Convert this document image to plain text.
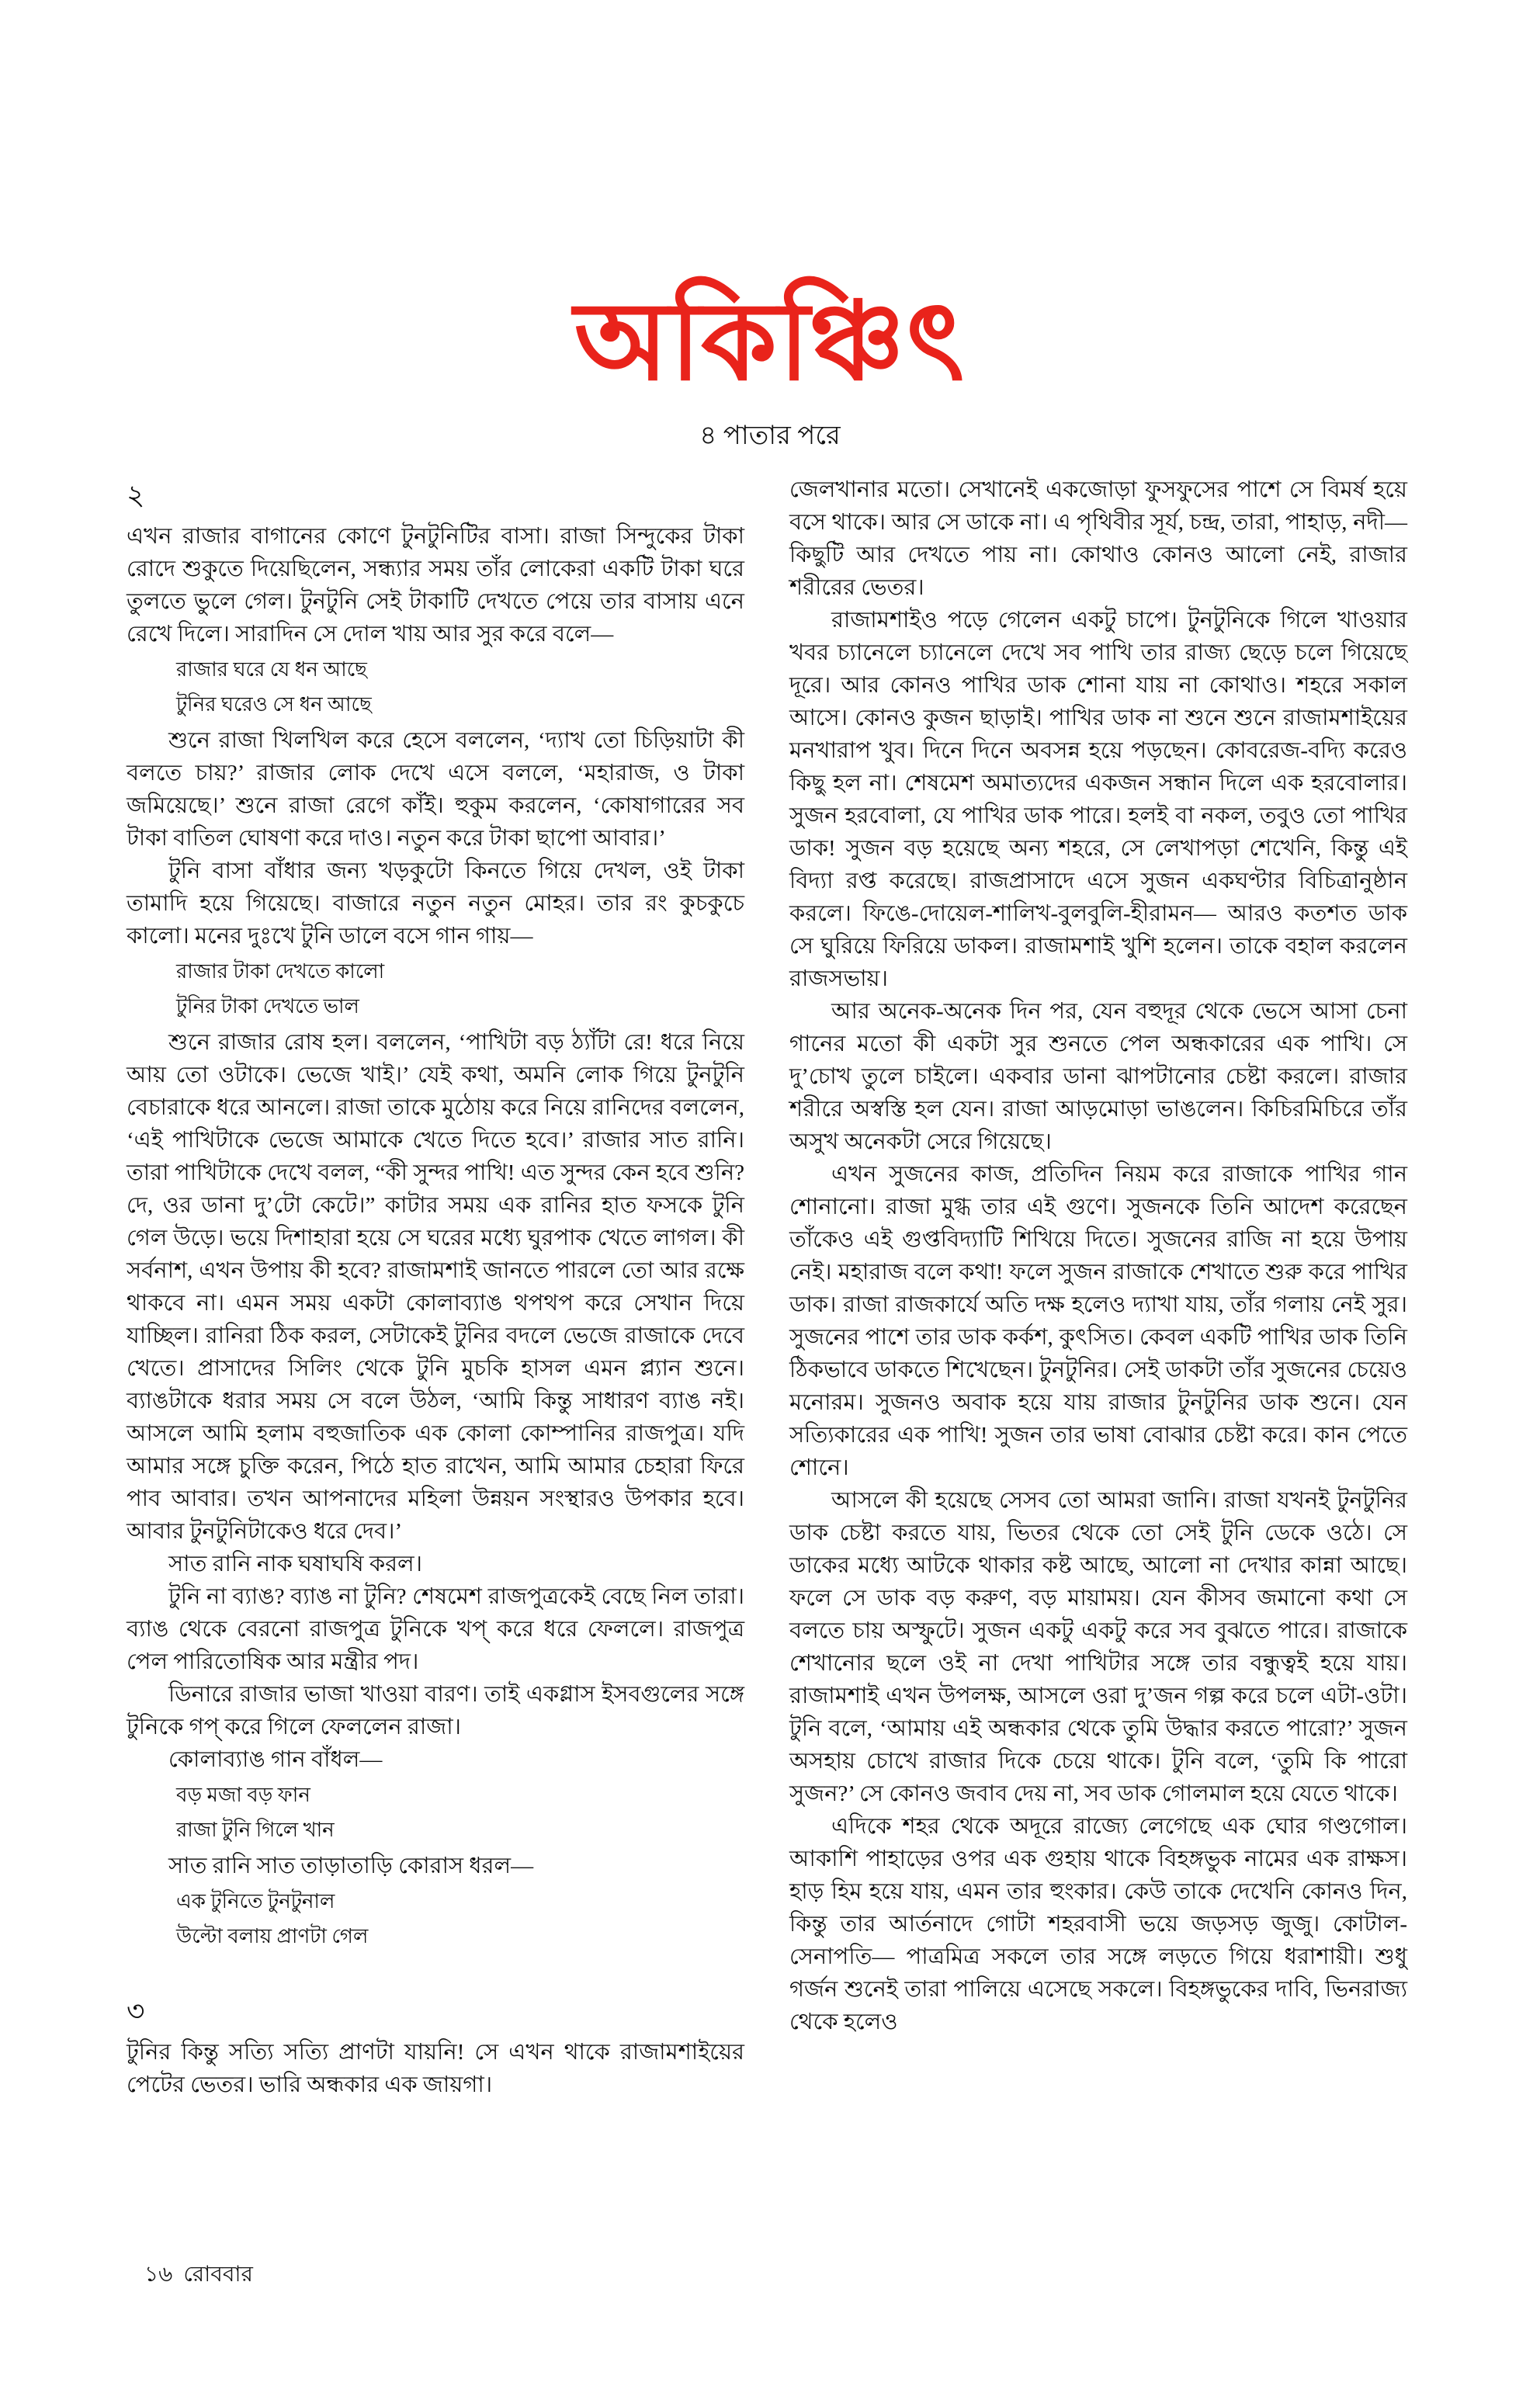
অকিঞ্চিৎ

৪ পাতার পরে

২

এখন রাজার বাগানের কোণে টুনটুনিটির বাসা। রাজা সিন্দুকের টাকা রোদে শুকুতে দিয়েছিলেন, সন্ধ্যার সময় তাঁর লোকেরা একটি টাকা ঘরে তুলতে ভুলে গেল। টুনটুনি সেই টাকাটি দেখতে পেয়ে তার বাসায় এনে রেখে দিলে। সারাদিন সে দোল খায় আর সুর করে বলে—

রাজার ঘরে যে ধন আছে

টুনির ঘরেও সে ধন আছে

শুনে রাজা খিলখিল করে হেসে বললেন, ‘দ্যাখ তো চিড়িয়াটা কী বলতে চায়?’ রাজার লোক দেখে এসে বললে, ‘মহারাজ, ও টাকা জমিয়েছে।’ শুনে রাজা রেগে কাঁই। হুকুম করলেন, ‘কোষাগারের সব টাকা বাতিল ঘোষণা করে দাও। নতুন করে টাকা ছাপো আবার।’

টুনি বাসা বাঁধার জন্য খড়কুটো কিনতে গিয়ে দেখল, ওই টাকা তামাদি হয়ে গিয়েছে। বাজারে নতুন নতুন মোহর। তার রং কুচকুচে কালো। মনের দুঃখে টুনি ডালে বসে গান গায়—

রাজার টাকা দেখতে কালো

টুনির টাকা দেখতে ভাল

শুনে রাজার রোষ হল। বললেন, ‘পাখিটা বড় ঠ্যাঁটা রে! ধরে নিয়ে আয় তো ওটাকে। ভেজে খাই।’ যেই কথা, অমনি লোক গিয়ে টুনটুনি বেচারাকে ধরে আনলে। রাজা তাকে মুঠোয় করে নিয়ে রানিদের বললেন, ‘এই পাখিটাকে ভেজে আমাকে খেতে দিতে হবে।’ রাজার সাত রানি। তারা পাখিটাকে দেখে বলল, “কী সুন্দর পাখি! এত সুন্দর কেন হবে শুনি? দে, ওর ডানা দু’টো কেটে।” কাটার সময় এক রানির হাত ফসকে টুনি গেল উড়ে। ভয়ে দিশাহারা হয়ে সে ঘরের মধ্যে ঘুরপাক খেতে লাগল। কী সর্বনাশ, এখন উপায় কী হবে? রাজামশাই জানতে পারলে তো আর রক্ষে থাকবে না। এমন সময় একটা কোলাব্যাঙ থপথপ করে সেখান দিয়ে যাচ্ছিল। রানিরা ঠিক করল, সেটাকেই টুনির বদলে ভেজে রাজাকে দেবে খেতে। প্রাসাদের সিলিং থেকে টুনি মুচকি হাসল এমন প্ল্যান শুনে। ব্যাঙটাকে ধরার সময় সে বলে উঠল, ‘আমি কিন্তু সাধারণ ব্যাঙ নই। আসলে আমি হলাম বহুজাতিক এক কোলা কোম্পানির রাজপুত্র। যদি আমার সঙ্গে চুক্তি করেন, পিঠে হাত রাখেন, আমি আমার চেহারা ফিরে পাব আবার। তখন আপনাদের মহিলা উন্নয়ন সংস্থারও উপকার হবে। আবার টুনটুনিটাকেও ধরে দেব।’

সাত রানি নাক ঘষাঘষি করল।

টুনি না ব্যাঙ? ব্যাঙ না টুনি? শেষমেশ রাজপুত্রকেই বেছে নিল তারা। ব্যাঙ থেকে বেরনো রাজপুত্র টুনিকে খপ্ করে ধরে ফেললে। রাজপুত্র পেল পারিতোষিক আর মন্ত্রীর পদ।

ডিনারে রাজার ভাজা খাওয়া বারণ। তাই একগ্লাস ইসবগুলের সঙ্গে টুনিকে গপ্ করে গিলে ফেললেন রাজা।

কোলাব্যাঙ গান বাঁধল—

বড় মজা বড় ফান

রাজা টুনি গিলে খান

সাত রানি সাত তাড়াতাড়ি কোরাস ধরল—

এক টুনিতে টুনটুনাল

উল্টো বলায় প্রাণটা গেল

৩

টুনির কিন্তু সত্যি সত্যি প্রাণটা যায়নি! সে এখন থাকে রাজামশাইয়ের পেটের ভেতর। ভারি অন্ধকার এক জায়গা।

জেলখানার মতো। সেখানেই একজোড়া ফুসফুসের পাশে সে বিমর্ষ হয়ে বসে থাকে। আর সে ডাকে না। এ পৃথিবীর সূর্য, চন্দ্র, তারা, পাহাড়, নদী— কিছুটি আর দেখতে পায় না। কোথাও কোনও আলো নেই, রাজার শরীরের ভেতর।

রাজামশাইও পড়ে গেলেন একটু চাপে। টুনটুনিকে গিলে খাওয়ার খবর চ্যানেলে চ্যানেলে দেখে সব পাখি তার রাজ্য ছেড়ে চলে গিয়েছে দূরে। আর কোনও পাখির ডাক শোনা যায় না কোথাও। শহরে সকাল আসে। কোনও কুজন ছাড়াই। পাখির ডাক না শুনে শুনে রাজামশাইয়ের মনখারাপ খুব। দিনে দিনে অবসন্ন হয়ে পড়ছেন। কোবরেজ-বদ্যি করেও কিছু হল না। শেষমেশ অমাত্যদের একজন সন্ধান দিলে এক হরবোলার। সুজন হরবোলা, যে পাখির ডাক পারে। হলই বা নকল, তবুও তো পাখির ডাক! সুজন বড় হয়েছে অন্য শহরে, সে লেখাপড়া শেখেনি, কিন্তু এই বিদ্যা রপ্ত করেছে। রাজপ্রাসাদে এসে সুজন একঘণ্টার বিচিত্রানুষ্ঠান করলে। ফিঙে-দোয়েল-শালিখ-বুলবুলি-হীরামন— আরও কতশত ডাক সে ঘুরিয়ে ফিরিয়ে ডাকল। রাজামশাই খুশি হলেন। তাকে বহাল করলেন রাজসভায়।

আর অনেক-অনেক দিন পর, যেন বহুদূর থেকে ভেসে আসা চেনা গানের মতো কী একটা সুর শুনতে পেল অন্ধকারের এক পাখি। সে দু’চোখ তুলে চাইলে। একবার ডানা ঝাপটানোর চেষ্টা করলে। রাজার শরীরে অস্বস্তি হল যেন। রাজা আড়মোড়া ভাঙলেন। কিচিরমিচিরে তাঁর অসুখ অনেকটা সেরে গিয়েছে।

এখন সুজনের কাজ, প্রতিদিন নিয়ম করে রাজাকে পাখির গান শোনানো। রাজা মুগ্ধ তার এই গুণে। সুজনকে তিনি আদেশ করেছেন তাঁকেও এই গুপ্তবিদ্যাটি শিখিয়ে দিতে। সুজনের রাজি না হয়ে উপায় নেই। মহারাজ বলে কথা! ফলে সুজন রাজাকে শেখাতে শুরু করে পাখির ডাক। রাজা রাজকার্যে অতি দক্ষ হলেও দ্যাখা যায়, তাঁর গলায় নেই সুর। সুজনের পাশে তার ডাক কর্কশ, কুৎসিত। কেবল একটি পাখির ডাক তিনি ঠিকভাবে ডাকতে শিখেছেন। টুনটুনির। সেই ডাকটা তাঁর সুজনের চেয়েও মনোরম। সুজনও অবাক হয়ে যায় রাজার টুনটুনির ডাক শুনে। যেন সত্যিকারের এক পাখি! সুজন তার ভাষা বোঝার চেষ্টা করে। কান পেতে শোনে।

আসলে কী হয়েছে সেসব তো আমরা জানি। রাজা যখনই টুনটুনির ডাক চেষ্টা করতে যায়, ভিতর থেকে তো সেই টুনি ডেকে ওঠে। সে ডাকের মধ্যে আটকে থাকার কষ্ট আছে, আলো না দেখার কান্না আছে। ফলে সে ডাক বড় করুণ, বড় মায়াময়। যেন কীসব জমানো কথা সে বলতে চায় অস্ফুটে। সুজন একটু একটু করে সব বুঝতে পারে। রাজাকে শেখানোর ছলে ওই না দেখা পাখিটার সঙ্গে তার বন্ধুত্বই হয়ে যায়। রাজামশাই এখন উপলক্ষ, আসলে ওরা দু’জন গল্প করে চলে এটা-ওটা। টুনি বলে, ‘আমায় এই অন্ধকার থেকে তুমি উদ্ধার করতে পারো?’ সুজন অসহায় চোখে রাজার দিকে চেয়ে থাকে। টুনি বলে, ‘তুমি কি পারো সুজন?’ সে কোনও জবাব দেয় না, সব ডাক গোলমাল হয়ে যেতে থাকে।

এদিকে শহর থেকে অদূরে রাজ্যে লেগেছে এক ঘোর গণ্ডগোল। আকাশি পাহাড়ের ওপর এক গুহায় থাকে বিহঙ্গভুক নামের এক রাক্ষস। হাড় হিম হয়ে যায়, এমন তার হুংকার। কেউ তাকে দেখেনি কোনও দিন, কিন্তু তার আর্তনাদে গোটা শহরবাসী ভয়ে জড়সড় জুজু। কোটাল-সেনাপতি— পাত্রমিত্র সকলে তার সঙ্গে লড়তে গিয়ে ধরাশায়ী। শুধু গর্জন শুনেই তারা পালিয়ে এসেছে সকলে। বিহঙ্গভুকের দাবি, ভিনরাজ্য থেকে হলেও

১৬ রোববার
